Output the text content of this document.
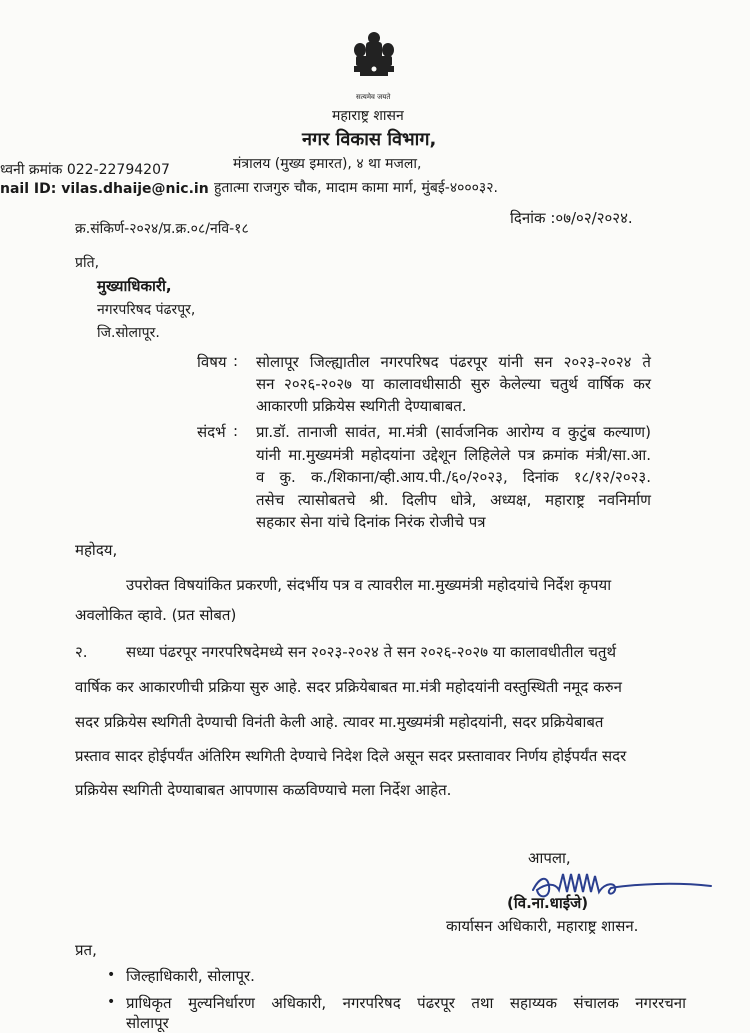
सत्यमेव जयते
महाराष्ट्र शासन
नगर विकास विभाग,
मंत्रालय (मुख्य इमारत), ४ था मजला,
हुतात्मा राजगुरु चौक, मादाम कामा मार्ग, मुंबई-४०००३२.
ध्वनी क्रमांक 022-22794207
nail ID: vilas.dhaije@nic.in
क्र.संकिर्ण-२०२४/प्र.क्र.०८/नवि-१८
दिनांक :०७/०२/२०२४.
प्रति,
मुख्याधिकारी,
नगरपरिषद पंढरपूर,
जि.सोलापूर.
विषय : सोलापूर जिल्ह्यातील नगरपरिषद पंढरपूर यांनी सन २०२३-२०२४ ते
सन २०२६-२०२७ या कालावधीसाठी सुरु केलेल्या चतुर्थ वार्षिक कर
आकारणी प्रक्रियेस स्थगिती देण्याबाबत.
संदर्भ : प्रा.डॉ. तानाजी सावंत, मा.मंत्री (सार्वजनिक आरोग्य व कुटुंब कल्याण)
यांनी मा.मुख्यमंत्री महोदयांना उद्देशून लिहिलेले पत्र क्रमांक मंत्री/सा.आ.
व कु. क./शिकाना/व्ही.आय.पी./६०/२०२३, दिनांक १८/१२/२०२३.
तसेच त्यासोबतचे श्री. दिलीप धोत्रे, अध्यक्ष, महाराष्ट्र नवनिर्माण
सहकार सेना यांचे दिनांक निरंक रोजीचे पत्र
महोदय,
उपरोक्त विषयांकित प्रकरणी, संदर्भीय पत्र व त्यावरील मा.मुख्यमंत्री महोदयांचे निर्देश कृपया
अवलोकित व्हावे. (प्रत सोबत)
२.	सध्या पंढरपूर नगरपरिषदेमध्ये सन २०२३-२०२४ ते सन २०२६-२०२७ या कालावधीतील चतुर्थ
वार्षिक कर आकारणीची प्रक्रिया सुरु आहे. सदर प्रक्रियेबाबत मा.मंत्री महोदयांनी वस्तुस्थिती नमूद करुन
सदर प्रक्रियेस स्थगिती देण्याची विनंती केली आहे. त्यावर मा.मुख्यमंत्री महोदयांनी, सदर प्रक्रियेबाबत
प्रस्ताव सादर होईपर्यंत अंतिरिम स्थगिती देण्याचे निदेश दिले असून सदर प्रस्तावावर निर्णय होईपर्यंत सदर
प्रक्रियेस स्थगिती देण्याबाबत आपणास कळविण्याचे मला निर्देश आहेत.
आपला,
(वि.ना.धाईजे)
कार्यासन अधिकारी, महाराष्ट्र शासन.
प्रत,
• जिल्हाधिकारी, सोलापूर.
• प्राधिकृत मुल्यनिर्धारण अधिकारी, नगरपरिषद पंढरपूर तथा सहाय्यक संचालक नगररचना
सोलापूर
